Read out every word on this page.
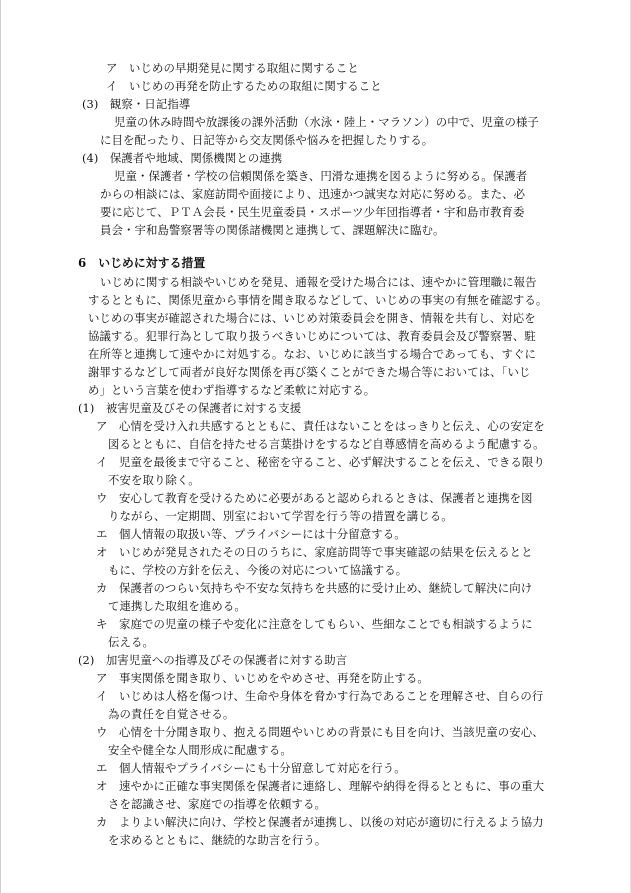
ア　いじめの早期発見に関する取組に関すること
イ　いじめの再発を防止するための取組に関すること
(3)　観察・日記指導
児童の休み時間や放課後の課外活動（水泳・陸上・マラソン）の中で、児童の様子
に目を配ったり、日記等から交友関係や悩みを把握したりする。
(4)　保護者や地域、関係機関との連携
児童・保護者・学校の信頼関係を築き、円滑な連携を図るように努める。保護者
からの相談には、家庭訪問や面接により、迅速かつ誠実な対応に努める。また、必
要に応じて、ＰＴＡ会長・民生児童委員・スポーツ少年団指導者・宇和島市教育委
員会・宇和島警察署等の関係諸機関と連携して、課題解決に臨む。
6　いじめに対する措置
いじめに関する相談やいじめを発見、通報を受けた場合には、速やかに管理職に報告
するとともに、関係児童から事情を聞き取るなどして、いじめの事実の有無を確認する。
いじめの事実が確認された場合には、いじめ対策委員会を開き、情報を共有し、対応を
協議する。犯罪行為として取り扱うべきいじめについては、教育委員会及び警察署、駐
在所等と連携して速やかに対処する。なお、いじめに該当する場合であっても、すぐに
謝罪するなどして両者が良好な関係を再び築くことができた場合等においては、「いじ
め」という言葉を使わず指導するなど柔軟に対応する。
(1)　被害児童及びその保護者に対する支援
ア 心情を受け入れ共感するとともに、責任はないことをはっきりと伝え、心の安定を
図るとともに、自信を持たせる言葉掛けをするなど自尊感情を高めるよう配慮する。
イ 児童を最後まで守ること、秘密を守ること、必ず解決することを伝え、できる限り
不安を取り除く。
ウ 安心して教育を受けるために必要があると認められるときは、保護者と連携を図
りながら、一定期間、別室において学習を行う等の措置を講じる。
エ 個人情報の取扱い等、プライバシーには十分留意する。
オ いじめが発見されたその日のうちに、家庭訪問等で事実確認の結果を伝えるとと
もに、学校の方針を伝え、今後の対応について協議する。
カ 保護者のつらい気持ちや不安な気持ちを共感的に受け止め、継続して解決に向け
て連携した取組を進める。
キ 家庭での児童の様子や変化に注意をしてもらい、些細なことでも相談するように
伝える。
(2)　加害児童への指導及びその保護者に対する助言
ア 事実関係を聞き取り、いじめをやめさせ、再発を防止する。
イ いじめは人格を傷つけ、生命や身体を脅かす行為であることを理解させ、自らの行
為の責任を自覚させる。
ウ 心情を十分聞き取り、抱える問題やいじめの背景にも目を向け、当該児童の安心、
安全や健全な人間形成に配慮する。
エ 個人情報やプライバシーにも十分留意して対応を行う。
オ 速やかに正確な事実関係を保護者に連絡し、理解や納得を得るとともに、事の重大
さを認識させ、家庭での指導を依頼する。
カ よりよい解決に向け、学校と保護者が連携し、以後の対応が適切に行えるよう協力
を求めるとともに、継続的な助言を行う。
